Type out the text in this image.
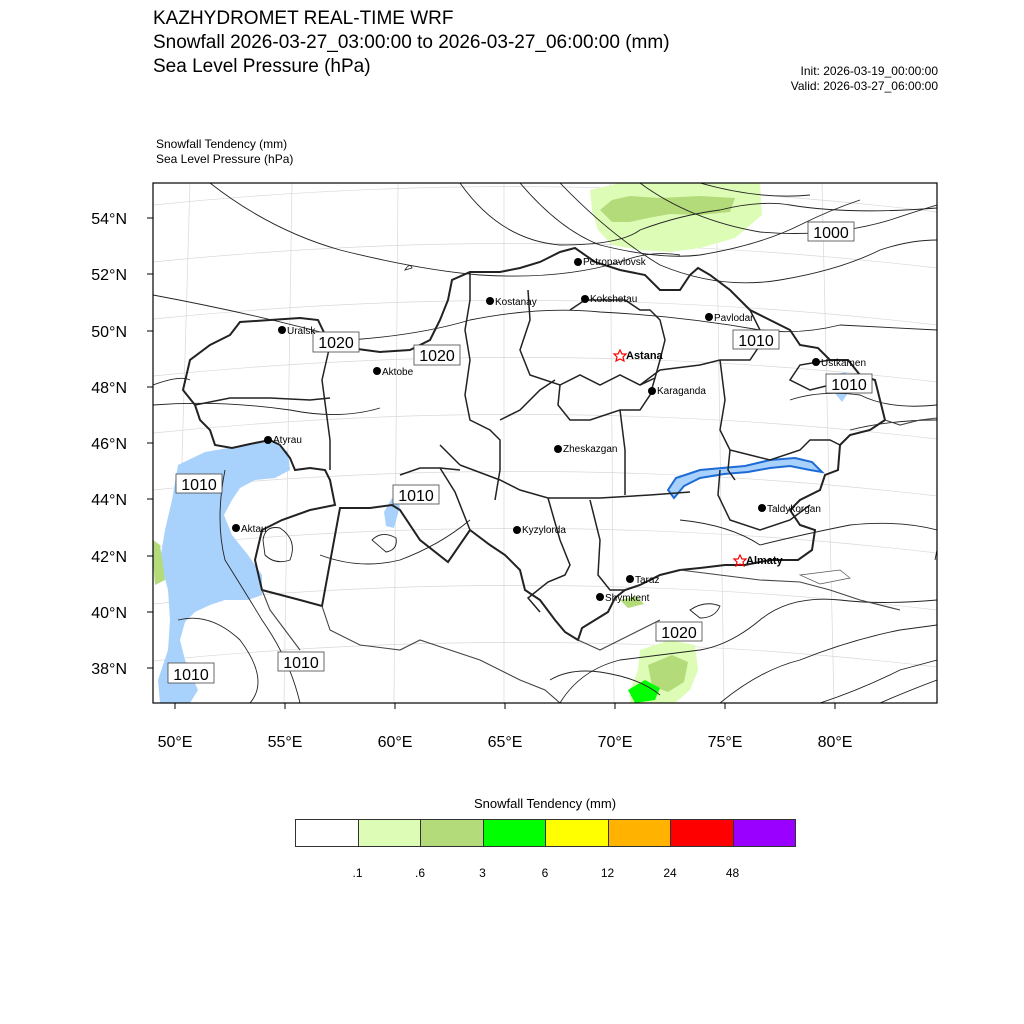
KAZHYDROMET REAL-TIME WRF
Snowfall 2026-03-27_03:00:00 to 2026-03-27_06:00:00 (mm)
Sea Level Pressure (hPa)	Init: 2026-03-19_00:00:00
Valid: 2026-03-27_06:00:00
Snowfall Tendency (mm)
Sea Level Pressure (hPa)
54°N
52°N
50°N
48°N
46°N
44°N
42°N
40°N
38°N
50°E	55°E	60°E	65°E	70°E	75°E	80°E
1000
1020
1020
1010
1010
1010
1010
1020
1010
1010
Petropavlovsk
Kostanay	Kokshetau
Pavlodar
Uralsk
Astana
Aktobe
Ustkamen
Karaganda
Atyrau
Zheskazgan
Aktau	Kyzylorda
Taldykorgan
Almaty
Taraz
Shymkent
Snowfall Tendency (mm)
.1	.6	3	6	12	24	48
